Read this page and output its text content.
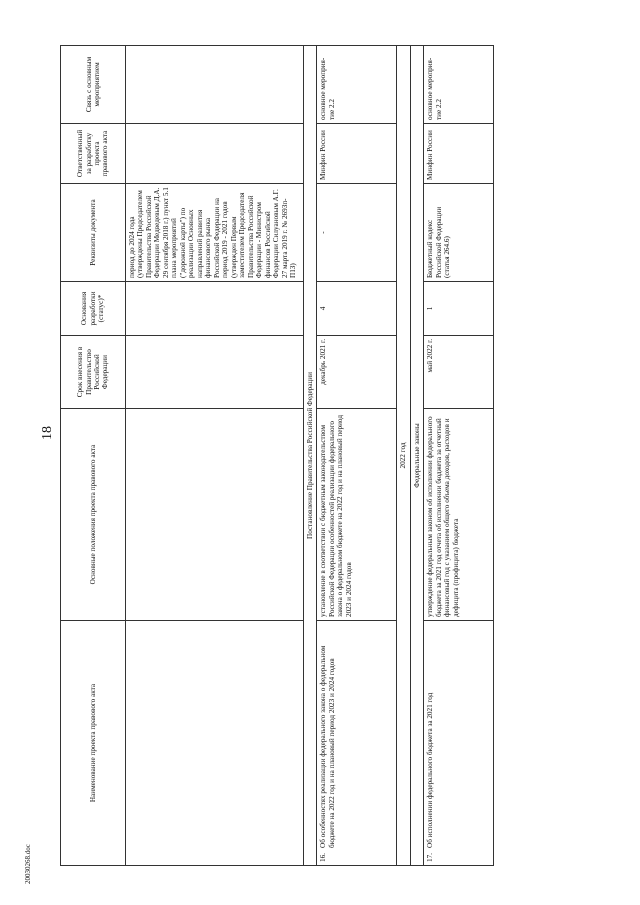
18
20030268.doc
Наименование проекта правового акта	Основные положения проекта правового акта	Срок внесения в Правительство Российской Федерации	Основания разработки (статус)*	Реквизиты документа	Ответственный за разработку проекта правового акта	Связь с основным мероприятием
				период до 2024 года (утверждены Председателем Правительства Российской Федерации Медведевым Д.А. 29 сентября 2018 г.) пункт 5.1 плана мероприятий ("дорожной карты") по реализации Основных направлений развития финансового рынка Российской Федерации на период 2019 - 2021 годов (утвержден Первым заместителем Председателя Правительства Российской Федерации - Министром финансов Российской Федерации Силуановым А.Г. 27 марта 2019 г. № 2693п-П13)		
Постановление Правительства Российской Федерации						
16.Об особенностях реализации федерального закона о федеральном бюджете на 2022 год и на плановый период 2023 и 2024 годов	установление в соответствии с бюджетным законодательством Российской Федерации особенностей реализации федерального закона о федеральном бюджете на 2022 год и на плановый период 2023 и 2024 годов	декабрь 2021 г.	4	-	Минфин России	основное мероприя-тие 2.2
2022 год						
Федеральные законы						
17.Об исполнении федерального бюджета за 2021 год	утверждение федеральным законом об исполнении федерального бюджета за 2021 год отчета об исполнении бюджета за отчетный финансовый год с указанием общего объема доходов, расходов и дефицита (профицита) бюджета	май 2022 г.	1	Бюджетный кодекс Российской Федерации (статья 264.6)	Минфин России	основное мероприя-тие 2.2
